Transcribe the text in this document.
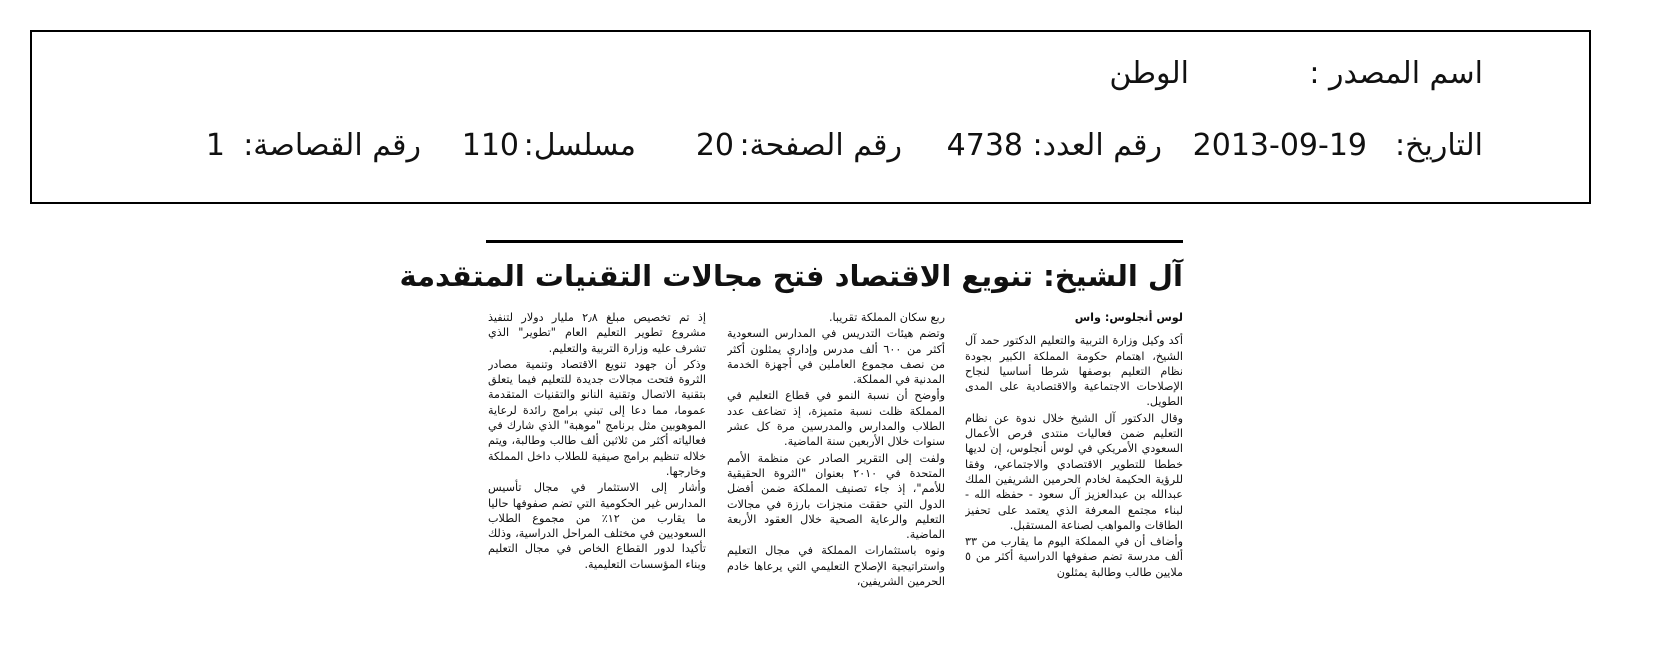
اسم المصدر :
الوطن
التاريخ:
2013-09-19
رقم العدد:
4738
رقم الصفحة:
20
مسلسل:
110
رقم القصاصة:
1
آل الشيخ: تنويع الاقتصاد فتح مجالات التقنيات المتقدمة

لوس أنجلوس: واس

أكد وكيل وزارة التربية والتعليم الدكتور حمد آل الشيخ، اهتمام حكومة المملكة الكبير بجودة نظام التعليم بوصفها شرطا أساسيا لنجاح الإصلاحات الاجتماعية والاقتصادية على المدى الطويل.

وقال الدكتور آل الشيخ خلال ندوة عن نظام التعليم ضمن فعاليات منتدى فرص الأعمال السعودي الأمريكي في لوس أنجلوس، إن لديها خططا للتطوير الاقتصادي والاجتماعي، وفقا للرؤية الحكيمة لخادم الحرمين الشريفين الملك عبدالله بن عبدالعزيز آل سعود - حفظه الله - لبناء مجتمع المعرفة الذي يعتمد على تحفيز الطاقات والمواهب لصناعة المستقبل.

وأضاف أن في المملكة اليوم ما يقارب من ٣٣ ألف مدرسة تضم صفوفها الدراسية أكثر من ٥ ملايين طالب وطالبة يمثلون

ربع سكان المملكة تقريبا.

وتضم هيئات التدريس في المدارس السعودية أكثر من ٦٠٠ ألف مدرس وإداري يمثلون أكثر من نصف مجموع العاملين في أجهزة الخدمة المدنية في المملكة.

وأوضح أن نسبة النمو في قطاع التعليم في المملكة ظلت نسبة متميزة، إذ تضاعف عدد الطلاب والمدارس والمدرسين مرة كل عشر سنوات خلال الأربعين سنة الماضية.

ولفت إلى التقرير الصادر عن منظمة الأمم المتحدة في ٢٠١٠ بعنوان "الثروة الحقيقية للأمم"، إذ جاء تصنيف المملكة ضمن أفضل الدول التي حققت منجزات بارزة في مجالات التعليم والرعاية الصحية خلال العقود الأربعة الماضية.

ونوه باستثمارات المملكة في مجال التعليم واستراتيجية الإصلاح التعليمي التي يرعاها خادم الحرمين الشريفين،

إذ تم تخصيص مبلغ ٢٫٨ مليار دولار لتنفيذ مشروع تطوير التعليم العام "تطوير" الذي تشرف عليه وزارة التربية والتعليم.

وذكر أن جهود تنويع الاقتصاد وتنمية مصادر الثروة فتحت مجالات جديدة للتعليم فيما يتعلق بتقنية الاتصال وتقنية النانو والتقنيات المتقدمة عموما، مما دعا إلى تبني برامج رائدة لرعاية الموهوبين مثل برنامج "موهبة" الذي شارك في فعالياته أكثر من ثلاثين ألف طالب وطالبة، ويتم خلاله تنظيم برامج صيفية للطلاب داخل المملكة وخارجها.

وأشار إلى الاستثمار في مجال تأسيس المدارس غير الحكومية التي تضم صفوفها حاليا ما يقارب من ١٢٪ من مجموع الطلاب السعوديين في مختلف المراحل الدراسية، وذلك تأكيدا لدور القطاع الخاص في مجال التعليم وبناء المؤسسات التعليمية.
